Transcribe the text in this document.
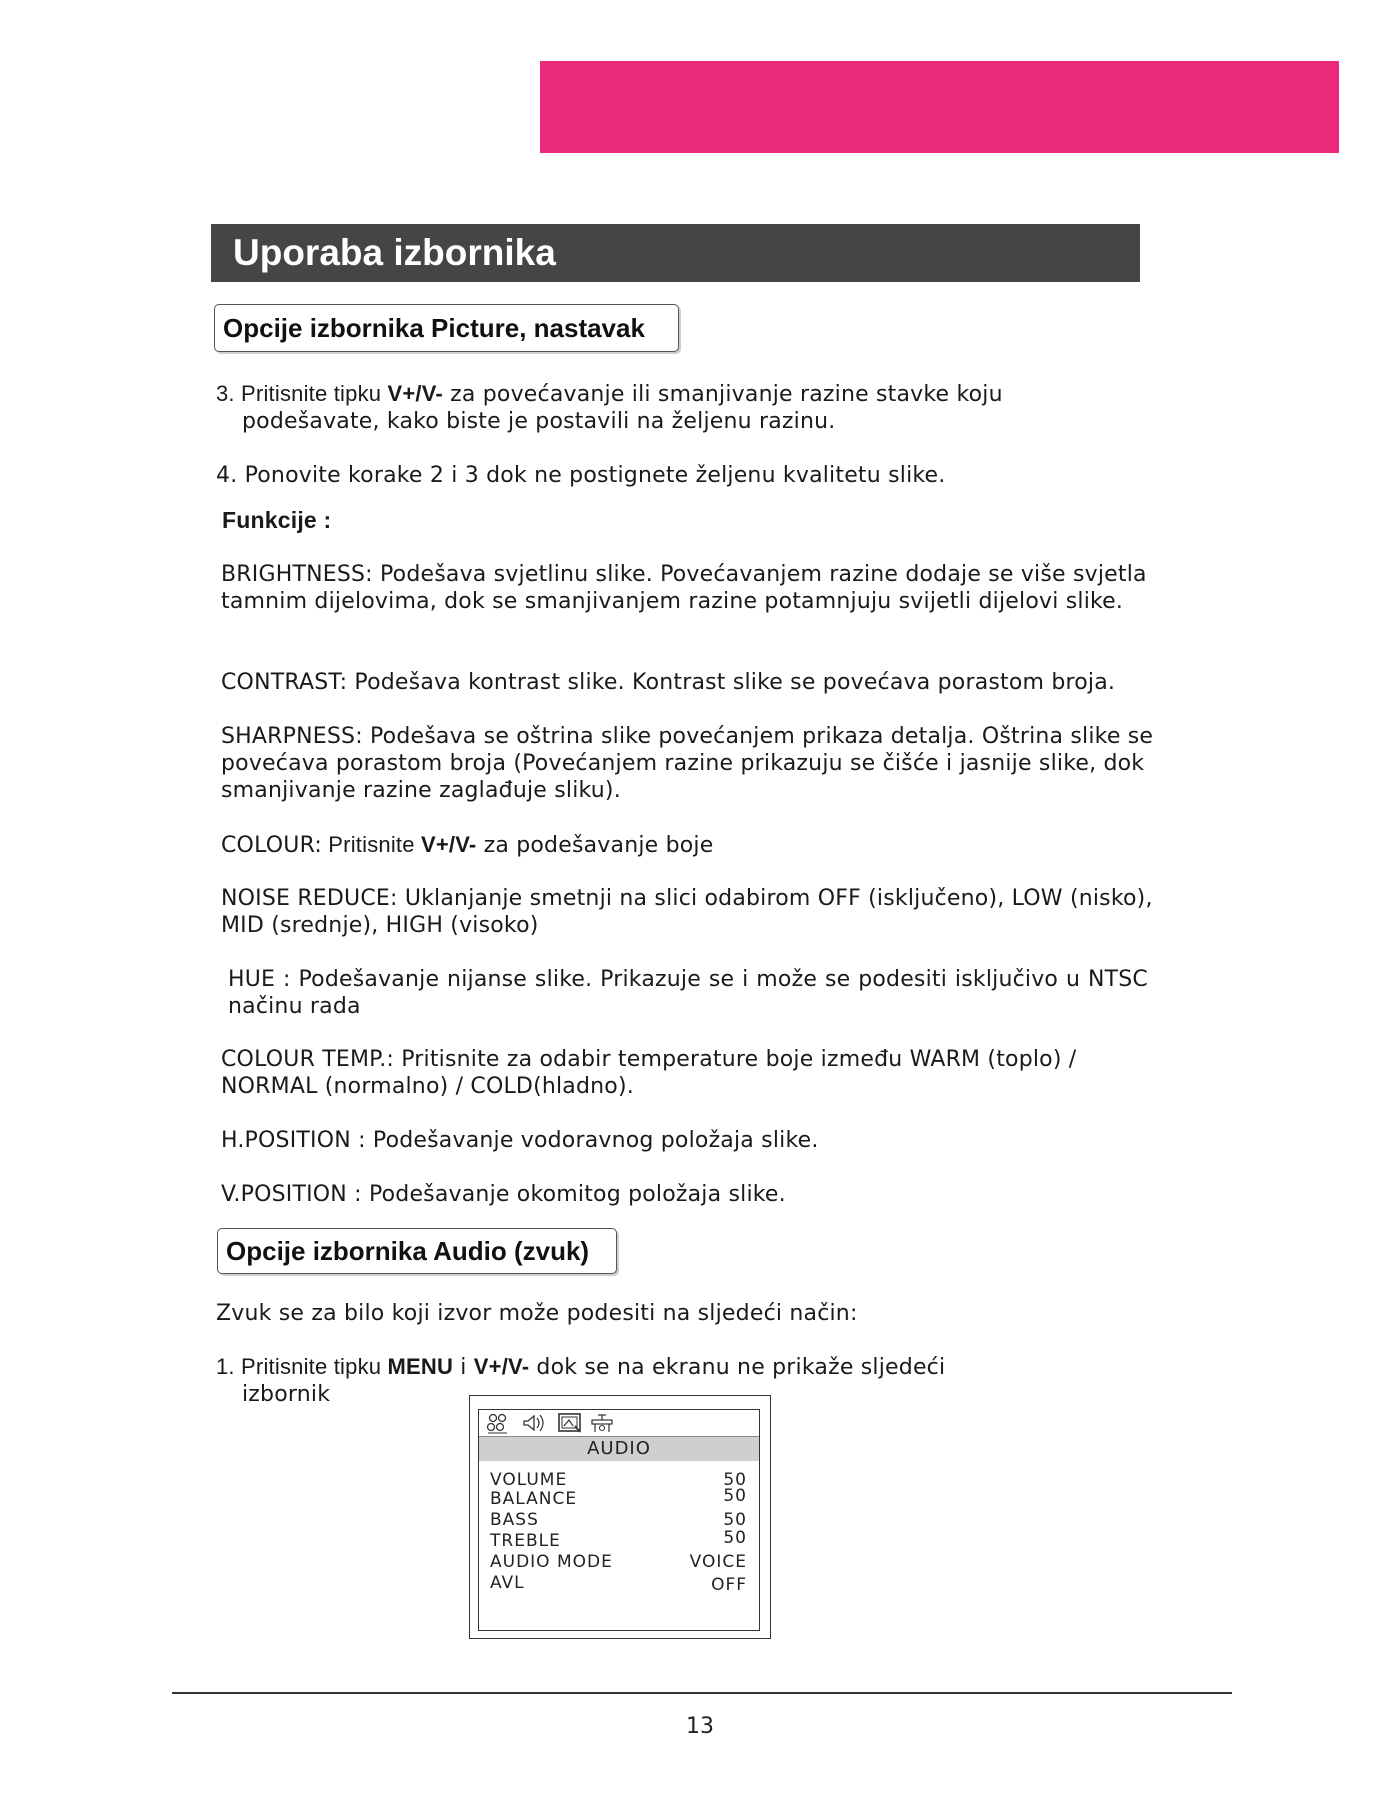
Uporaba izbornika
Opcije izbornika Picture, nastavak
3. Pritisnite tipku V+/V- za povećavanje ili smanjivanje razine stavke koju podešavate, kako biste je postavili na željenu razinu.
4. Ponovite korake 2 i 3 dok ne postignete željenu kvalitetu slike.
Funkcije :
BRIGHTNESS: Podešava svjetlinu slike. Povećavanjem razine dodaje se više svjetla tamnim dijelovima, dok se smanjivanjem razine potamnjuju svijetli dijelovi slike.
CONTRAST: Podešava kontrast slike. Kontrast slike se povećava porastom broja.
SHARPNESS: Podešava se oštrina slike povećanjem prikaza detalja. Oštrina slike se povećava porastom broja (Povećanjem razine prikazuju se čišće i jasnije slike, dok smanjivanje razine zaglađuje sliku).
COLOUR: Pritisnite V+/V- za podešavanje boje
NOISE REDUCE: Uklanjanje smetnji na slici odabirom OFF (isključeno), LOW (nisko), MID (srednje), HIGH (visoko)
HUE : Podešavanje nijanse slike. Prikazuje se i može se podesiti isključivo u NTSC načinu rada
COLOUR TEMP.: Pritisnite za odabir temperature boje između WARM (toplo) / NORMAL (normalno) / COLD(hladno).
H.POSITION : Podešavanje vodoravnog položaja slike.
V.POSITION : Podešavanje okomitog položaja slike.
Opcije izbornika Audio (zvuk)
Zvuk se za bilo koji izvor može podesiti na sljedeći način:
1. Pritisnite tipku MENU i V+/V- dok se na ekranu ne prikaže sljedeći izbornik
AUDIO
VOLUME	50
BALANCE	50
BASS	50
TREBLE	50
AUDIO MODE	VOICE
AVL	OFF
13
